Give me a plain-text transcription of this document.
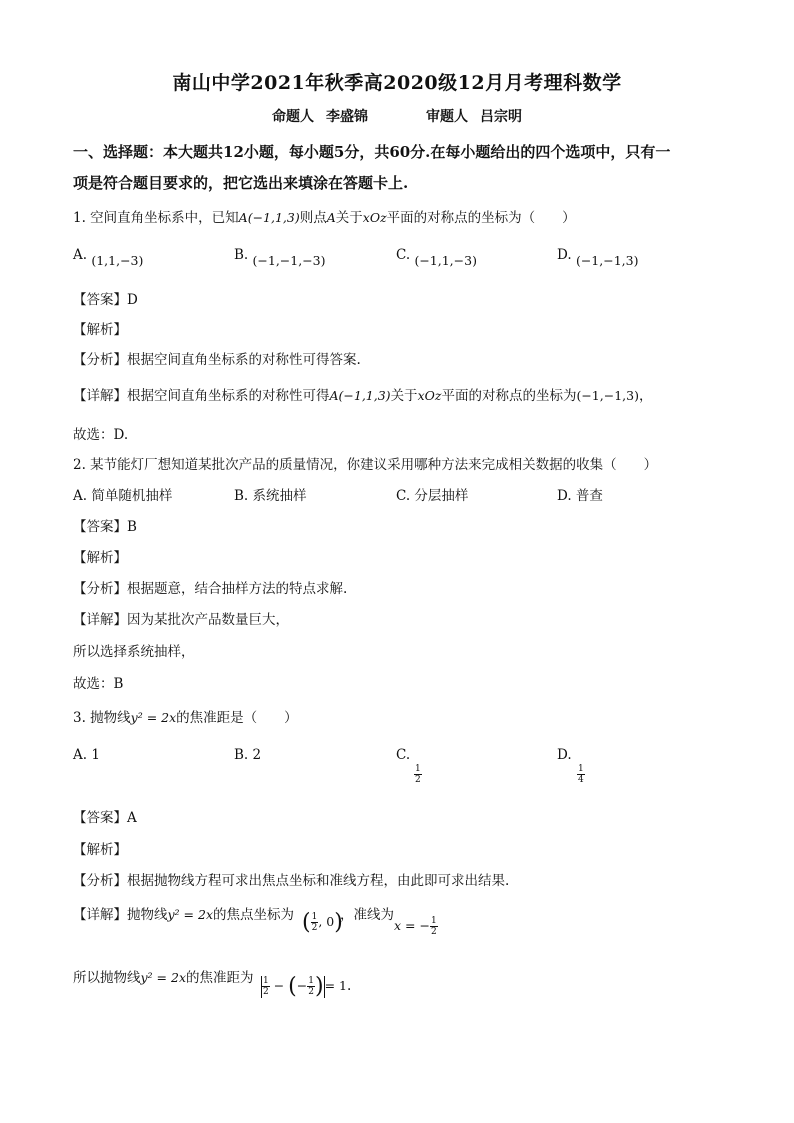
南山中学2021年秋季高2020级12月月考理科数学
命题人 李盛锦	审题人 吕宗明
一、选择题：本大题共12小题，每小题5分，共60分.在每小题给出的四个选项中，只有一
项是符合题目要求的，把它选出来填涂在答题卡上.
1. 空间直角坐标系中，已知A(−1,1,3)则点A关于xOz平面的对称点的坐标为（　　）
A. (1,1,−3)	B. (−1,−1,−3)	C. (−1,1,−3)	D. (−1,−1,3)
【答案】D
【解析】
【分析】根据空间直角坐标系的对称性可得答案.
【详解】根据空间直角坐标系的对称性可得A(−1,1,3)关于xOz平面的对称点的坐标为(−1,−1,3)，
故选：D.
2. 某节能灯厂想知道某批次产品的质量情况，你建议采用哪种方法来完成相关数据的收集（　　）
A. 简单随机抽样	B. 系统抽样	C. 分层抽样	D. 普查
【答案】B
【解析】
【分析】根据题意，结合抽样方法的特点求解.
【详解】因为某批次产品数量巨大，
所以选择系统抽样，
故选：B
3. 抛物线y² = 2x的焦准距是（　　）
A. 1	B. 2	C.
$\frac{1}{2}$
D.
$\frac{1}{4}$
【答案】A
【解析】
【分析】根据抛物线方程可求出焦点坐标和准线方程，由此即可求出结果.
【详解】抛物线y² = 2x的焦点坐标为 ( $\frac{1}{2}$ , 0)
，准线为
x = − $\frac{1}{2}$
所以抛物线y² = 2x的焦准距为 $\frac{1}{2}$ − (− $\frac{1}{2}$ )= 1.
